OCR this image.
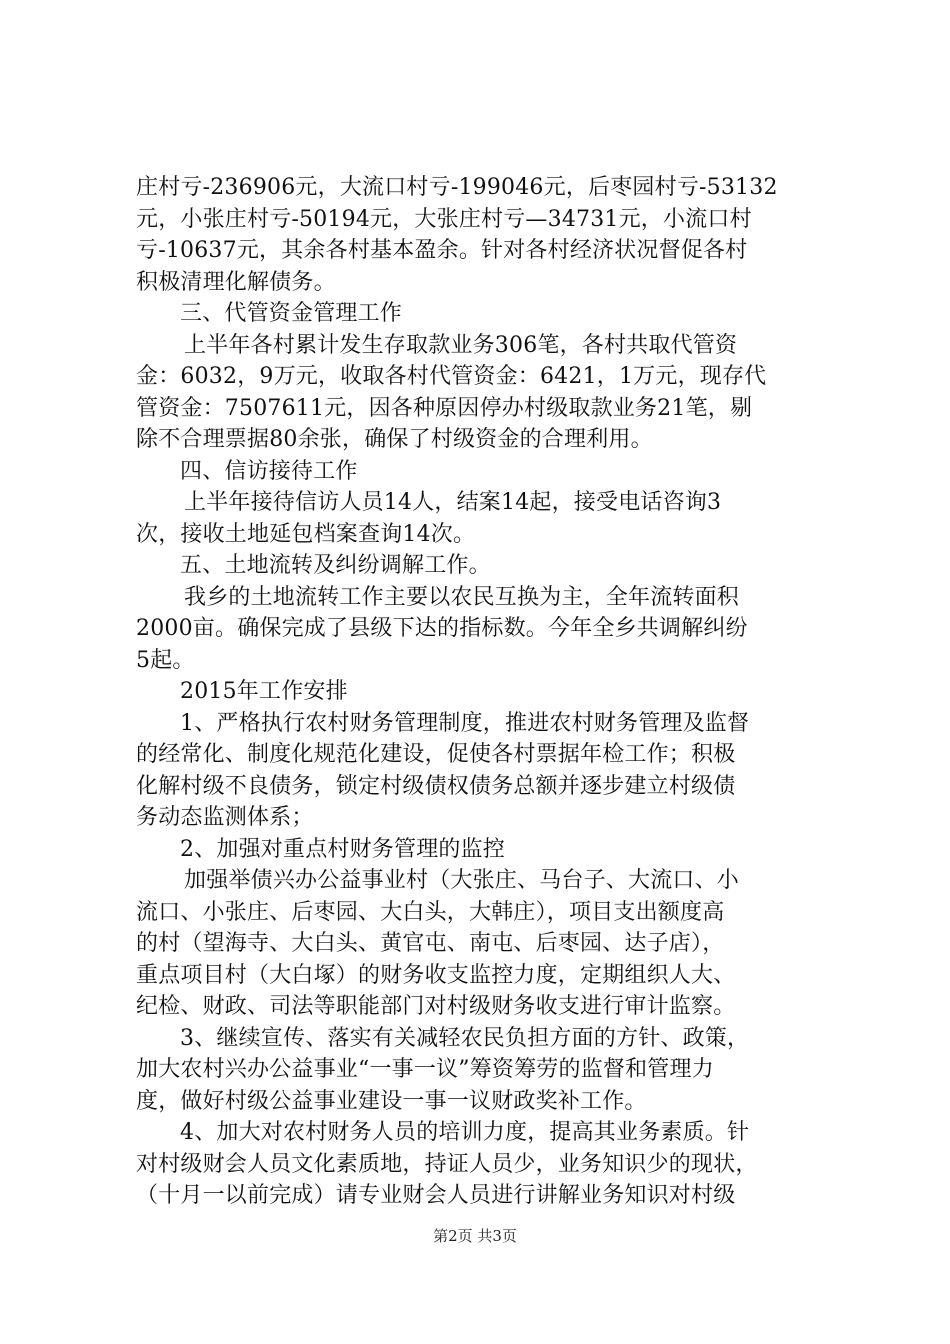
庄村亏-236906元，大流口村亏-199046元，后枣园村亏-53132
元，小张庄村亏-50194元，大张庄村亏—34731元，小流口村
亏-10637元，其余各村基本盈余。针对各村经济状况督促各村
积极清理化解债务。
三、代管资金管理工作
上半年各村累计发生存取款业务306笔，各村共取代管资
金：6032，9万元，收取各村代管资金：6421，1万元，现存代
管资金：7507611元，因各种原因停办村级取款业务21笔，剔
除不合理票据80余张，确保了村级资金的合理利用。
四、信访接待工作
上半年接待信访人员14人，结案14起，接受电话咨询3
次，接收土地延包档案查询14次。
五、土地流转及纠纷调解工作。
我乡的土地流转工作主要以农民互换为主，全年流转面积
2000亩。确保完成了县级下达的指标数。今年全乡共调解纠纷
5起。
2015年工作安排
1、严格执行农村财务管理制度，推进农村财务管理及监督
的经常化、制度化规范化建设，促使各村票据年检工作；积极
化解村级不良债务，锁定村级债权债务总额并逐步建立村级债
务动态监测体系；
2、加强对重点村财务管理的监控
加强举债兴办公益事业村（大张庄、马台子、大流口、小
流口、小张庄、后枣园、大白头，大韩庄），项目支出额度高
的村（望海寺、大白头、黄官屯、南屯、后枣园、达子店），
重点项目村（大白塚）的财务收支监控力度，定期组织人大、
纪检、财政、司法等职能部门对村级财务收支进行审计监察。
3、继续宣传、落实有关减轻农民负担方面的方针、政策，
加大农村兴办公益事业“一事一议”筹资筹劳的监督和管理力
度，做好村级公益事业建设一事一议财政奖补工作。
4、加大对农村财务人员的培训力度，提高其业务素质。针
对村级财会人员文化素质地，持证人员少，业务知识少的现状，
（十月一以前完成）请专业财会人员进行讲解业务知识对村级
第2页 共3页
